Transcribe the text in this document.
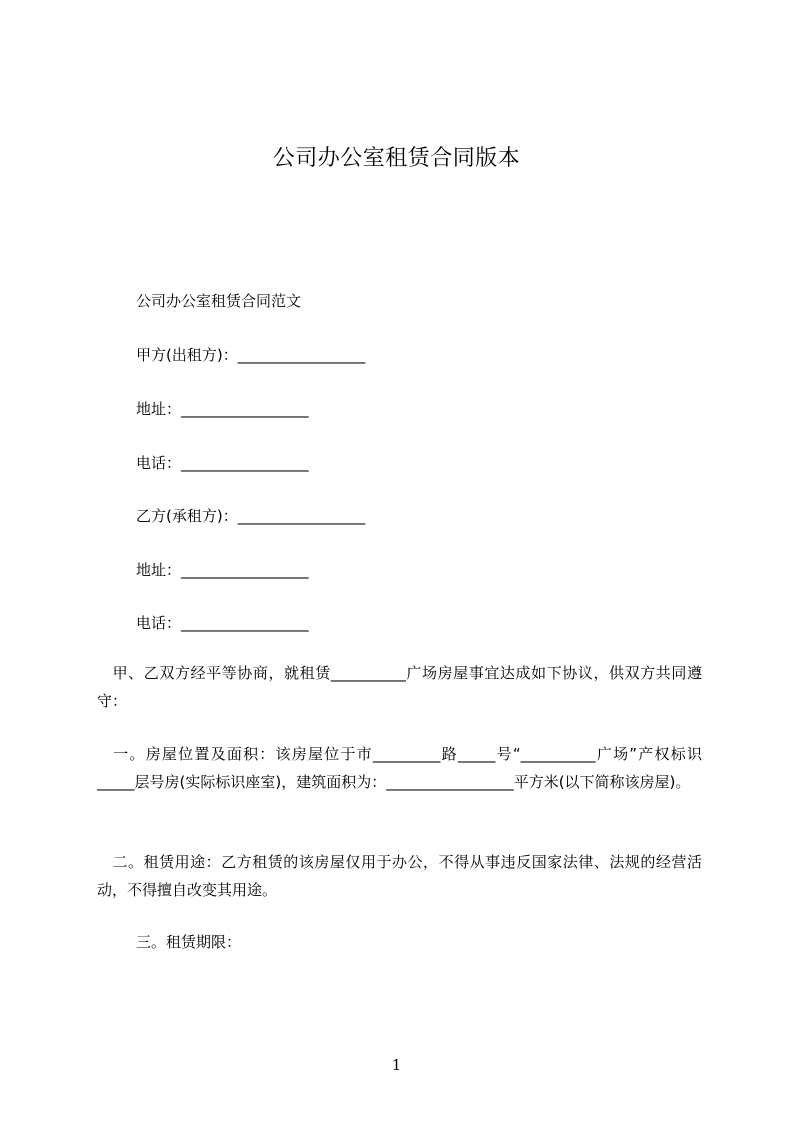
公司办公室租赁合同版本
公司办公室租赁合同范文
甲方(出租方)：_________________
地址：_________________
电话：_________________
乙方(承租方)：_________________
地址：_________________
电话：_________________
　甲、乙双方经平等协商，就租赁__________广场房屋事宜达成如下协议，供双方共同遵守：
　一。房屋位置及面积：该房屋位于市_________路_____号“__________广场”产权标识_____层号房(实际标识座室)，建筑面积为：_________________平方米(以下简称该房屋)。
　二。租赁用途：乙方租赁的该房屋仅用于办公，不得从事违反国家法律、法规的经营活动，不得擅自改变其用途。
三。租赁期限：
1
